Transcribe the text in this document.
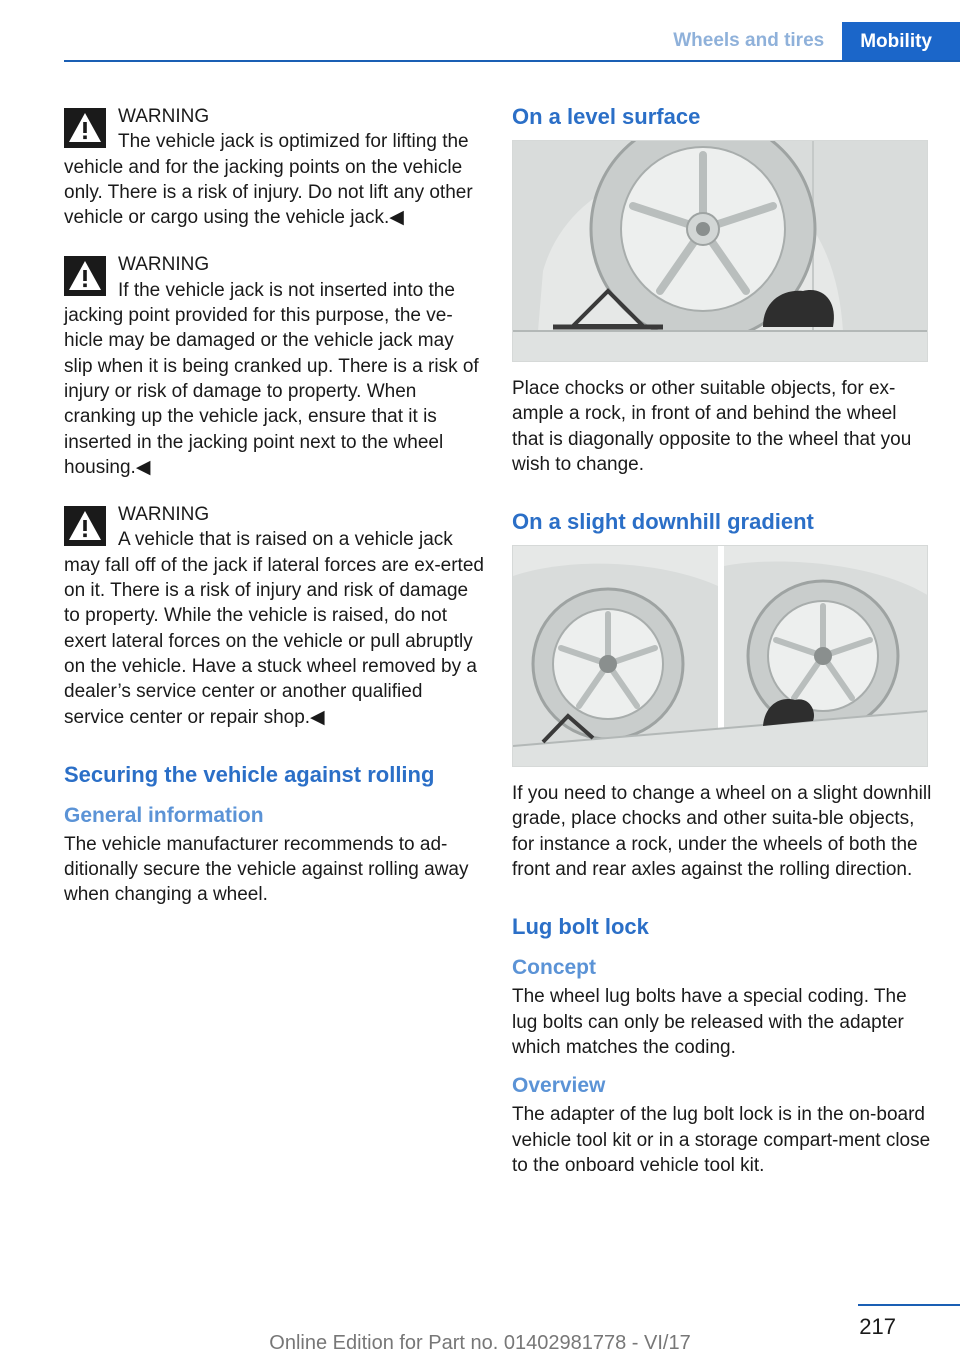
Wheels and tires	Mobility
WARNING
The vehicle jack is optimized for lifting the vehicle and for the jacking points on the vehicle only. There is a risk of injury. Do not lift any other vehicle or cargo using the vehicle jack.◀
WARNING
If the vehicle jack is not inserted into the jacking point provided for this purpose, the ve‐hicle may be damaged or the vehicle jack may slip when it is being cranked up. There is a risk of injury or risk of damage to property. When cranking up the vehicle jack, ensure that it is inserted in the jacking point next to the wheel housing.◀
WARNING
A vehicle that is raised on a vehicle jack may fall off of the jack if lateral forces are ex‐erted on it. There is a risk of injury and risk of damage to property. While the vehicle is raised, do not exert lateral forces on the vehicle or pull abruptly on the vehicle. Have a stuck wheel removed by a dealer’s service center or another qualified service center or repair shop.◀
Securing the vehicle against rolling
General information
The vehicle manufacturer recommends to ad‐ditionally secure the vehicle against rolling away when changing a wheel.
On a level surface
Place chocks or other suitable objects, for ex‐ample a rock, in front of and behind the wheel that is diagonally opposite to the wheel that you wish to change.
On a slight downhill gradient
If you need to change a wheel on a slight downhill grade, place chocks and other suita‐ble objects, for instance a rock, under the wheels of both the front and rear axles against the rolling direction.
Lug bolt lock
Concept
The wheel lug bolts have a special coding. The lug bolts can only be released with the adapter which matches the coding.
Overview
The adapter of the lug bolt lock is in the on‐board vehicle tool kit or in a storage compart‐ment close to the onboard vehicle tool kit.
217
Online Edition for Part no. 01402981778 - VI/17
